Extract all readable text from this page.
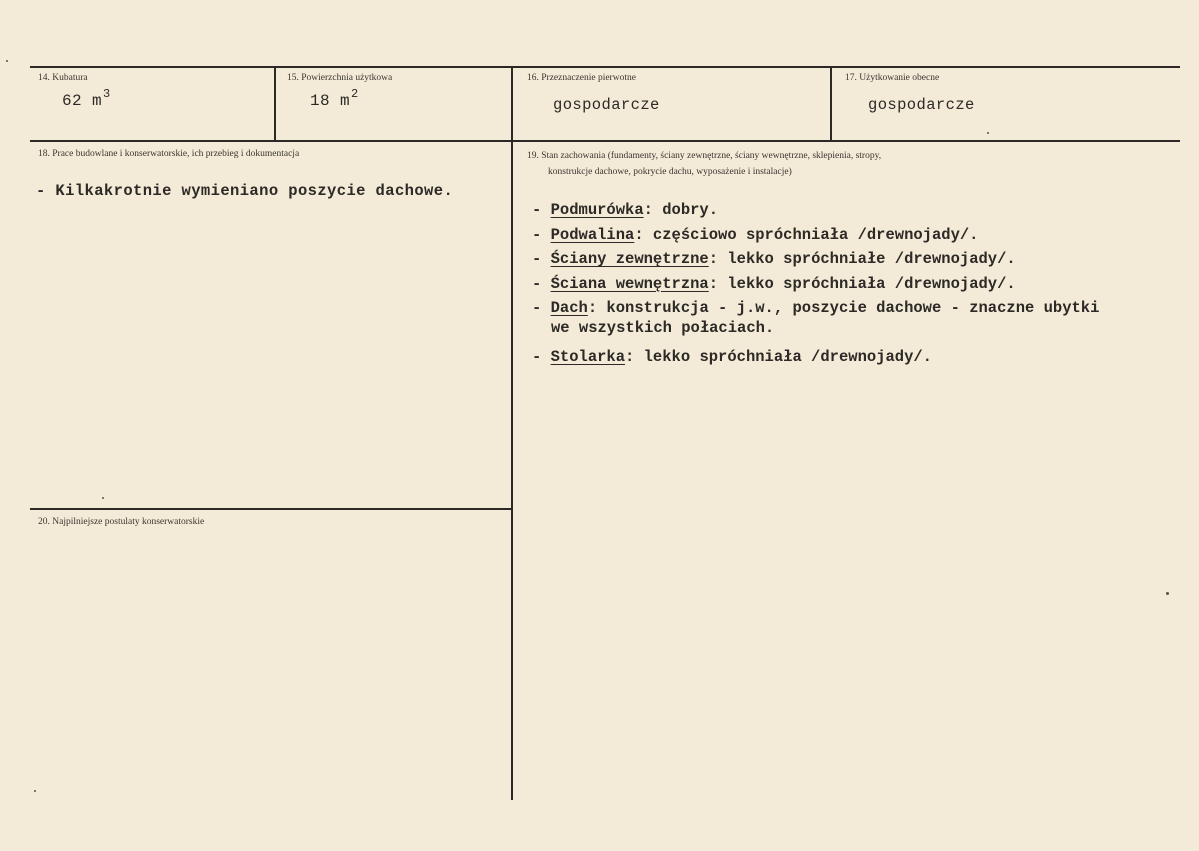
14. Kubatura
62 $m^3$
15. Powierzchnia użytkowa
18 $m^2$
16. Przeznaczenie pierwotne
gospodarcze
17. Użytkowanie obecne
gospodarcze
18. Prace budowlane i konserwatorskie, ich przebieg i dokumentacja
- Kilkakrotnie wymieniano poszycie dachowe.
19. Stan zachowania (fundamenty, ściany zewnętrzne, ściany wewnętrzne, sklepienia, stropy,
konstrukcje dachowe, pokrycie dachu, wyposażenie i instalacje)
- Podmurówka: dobry.
- Podwalina: częściowo spróchniała /drewnojady/.
- Ściany zewnętrzne: lekko spróchniałe /drewnojady/.
- Ściana wewnętrzna: lekko spróchniała /drewnojady/.
- Dach: konstrukcja - j.w., poszycie dachowe - znaczne ubytki
we wszystkich połaciach.
- Stolarka: lekko spróchniała /drewnojady/.
20. Najpilniejsze postulaty konserwatorskie
